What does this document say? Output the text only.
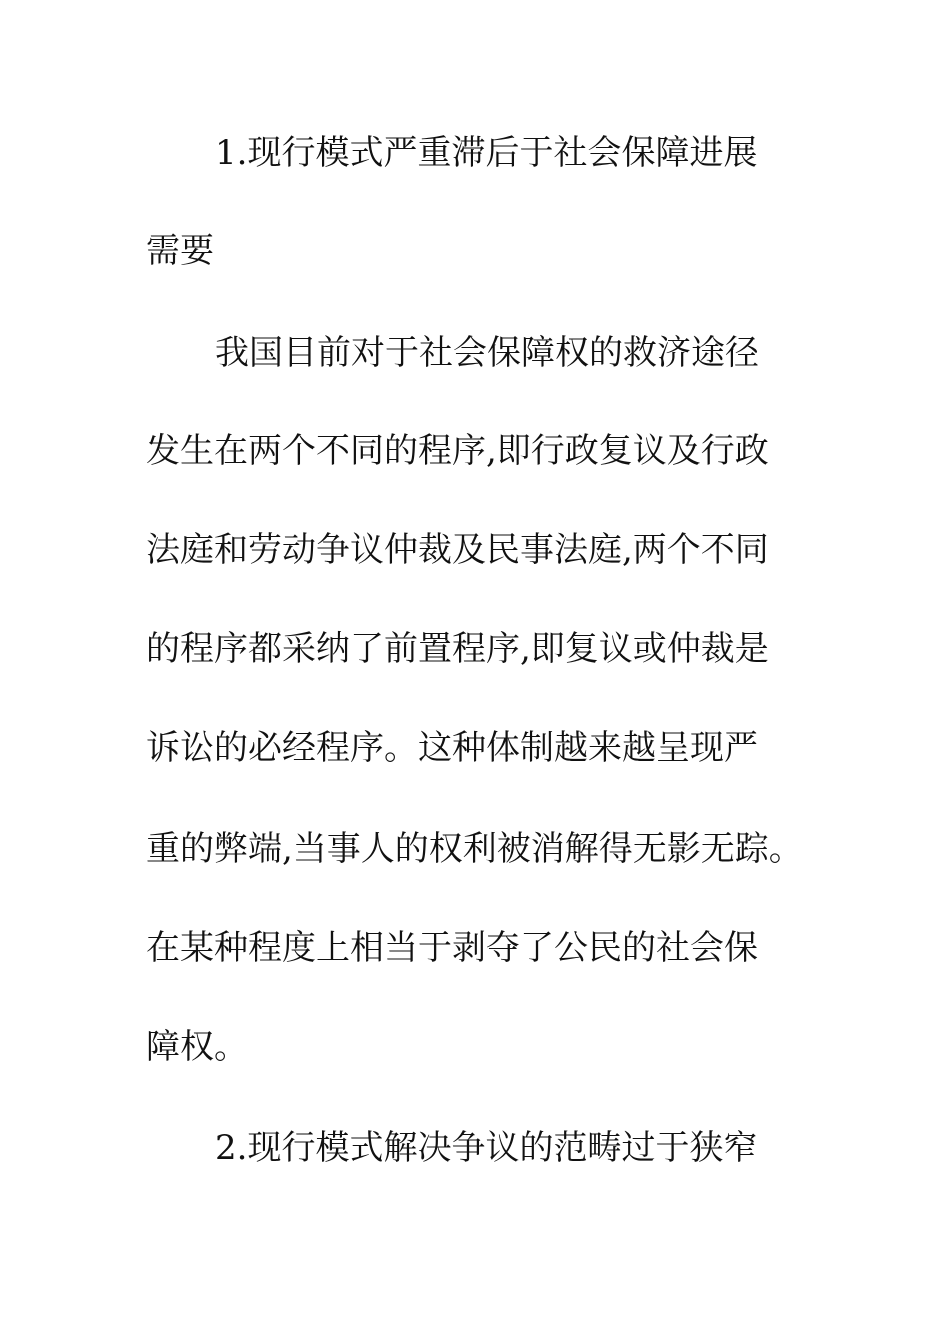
1.现行模式严重滞后于社会保障进展
需要
我国目前对于社会保障权的救济途径
发生在两个不同的程序,即行政复议及行政
法庭和劳动争议仲裁及民事法庭,两个不同
的程序都采纳了前置程序,即复议或仲裁是
诉讼的必经程序。这种体制越来越呈现严
重的弊端,当事人的权利被消解得无影无踪。
在某种程度上相当于剥夺了公民的社会保
障权。
2.现行模式解决争议的范畴过于狭窄
